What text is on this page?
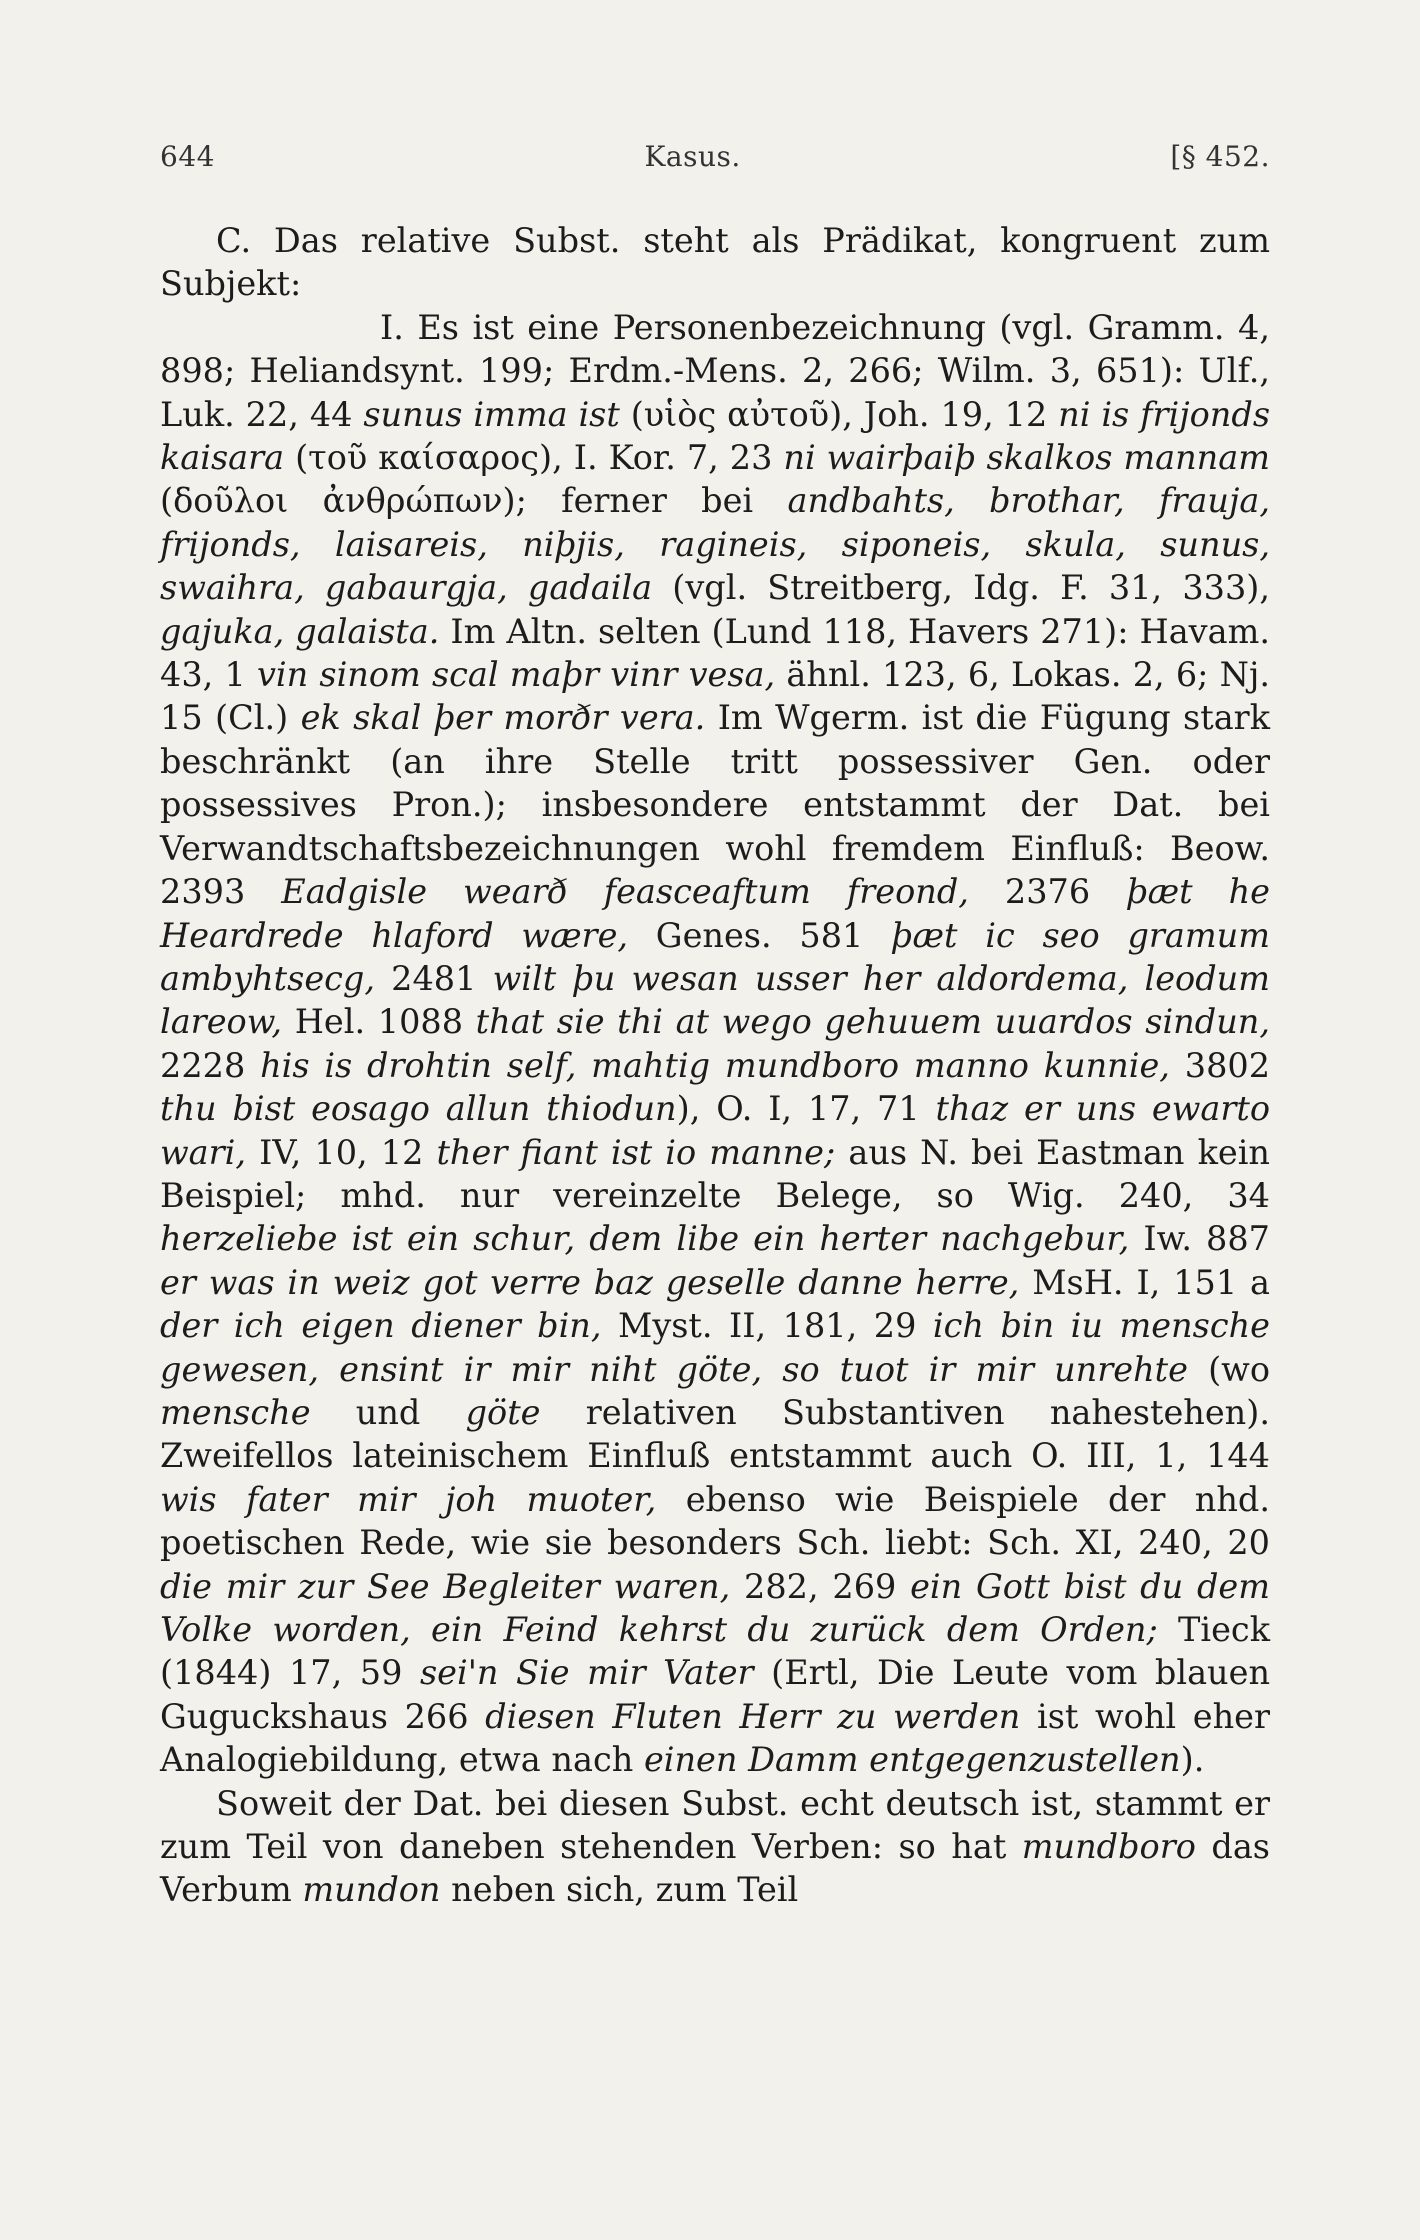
644	Kasus.	[§ 452.

C. Das relative Subst. steht als Prädikat, kongruent zum Subjekt:

I. Es ist eine Personenbezeichnung (vgl. Gramm. 4, 898; Heliandsynt. 199; Erdm.-Mens. 2, 266; Wilm. 3, 651): Ulf., Luk. 22, 44 sunus imma ist (υἱὸς αὐτοῦ), Joh. 19, 12 ni is frijonds kaisara (τοῦ καίσαρος), I. Kor. 7, 23 ni wairþaiþ skalkos mannam (δοῦλοι ἀνθρώπων); ferner bei andbahts, brothar, frauja, frijonds, laisareis, niþjis, ragineis, siponeis, skula, sunus, swaihra, gabaurgja, gadaila (vgl. Streitberg, Idg. F. 31, 333), gajuka, galaista. Im Altn. selten (Lund 118, Havers 271): Havam. 43, 1 vin sinom scal maþr vinr vesa, ähnl. 123, 6, Lokas. 2, 6; Nj. 15 (Cl.) ek skal þer morðr vera. Im Wgerm. ist die Fügung stark beschränkt (an ihre Stelle tritt possessiver Gen. oder possessives Pron.); insbesondere entstammt der Dat. bei Verwandtschaftsbezeichnungen wohl fremdem Einfluß: Beow. 2393 Eadgisle wearð feasceaftum freond, 2376 þæt he Heardrede hlaford wære, Genes. 581 þæt ic seo gramum ambyhtsecg, 2481 wilt þu wesan usser her aldordema, leodum lareow, Hel. 1088 that sie thi at wego gehuuem uuardos sindun, 2228 his is drohtin self, mahtig mundboro manno kunnie, 3802 thu bist eosago allun thiodun), O. I, 17, 71 thaz er uns ewarto wari, IV, 10, 12 ther fiant ist io manne; aus N. bei Eastman kein Beispiel; mhd. nur vereinzelte Belege, so Wig. 240, 34 herzeliebe ist ein schur, dem libe ein herter nachgebur, Iw. 887 er was in weiz got verre baz geselle danne herre, MsH. I, 151 a der ich eigen diener bin, Myst. II, 181, 29 ich bin iu mensche gewesen, ensint ir mir niht göte, so tuot ir mir unrehte (wo mensche und göte relativen Substantiven nahestehen). Zweifellos lateinischem Einfluß entstammt auch O. III, 1, 144 wis fater mir joh muoter, ebenso wie Beispiele der nhd. poetischen Rede, wie sie besonders Sch. liebt: Sch. XI, 240, 20 die mir zur See Begleiter waren, 282, 269 ein Gott bist du dem Volke worden, ein Feind kehrst du zurück dem Orden; Tieck (1844) 17, 59 sei'n Sie mir Vater (Ertl, Die Leute vom blauen Guguckshaus 266 diesen Fluten Herr zu werden ist wohl eher Analogiebildung, etwa nach einen Damm entgegenzustellen).

Soweit der Dat. bei diesen Subst. echt deutsch ist, stammt er zum Teil von daneben stehenden Verben: so hat mundboro das Verbum mundon neben sich, zum Teil
